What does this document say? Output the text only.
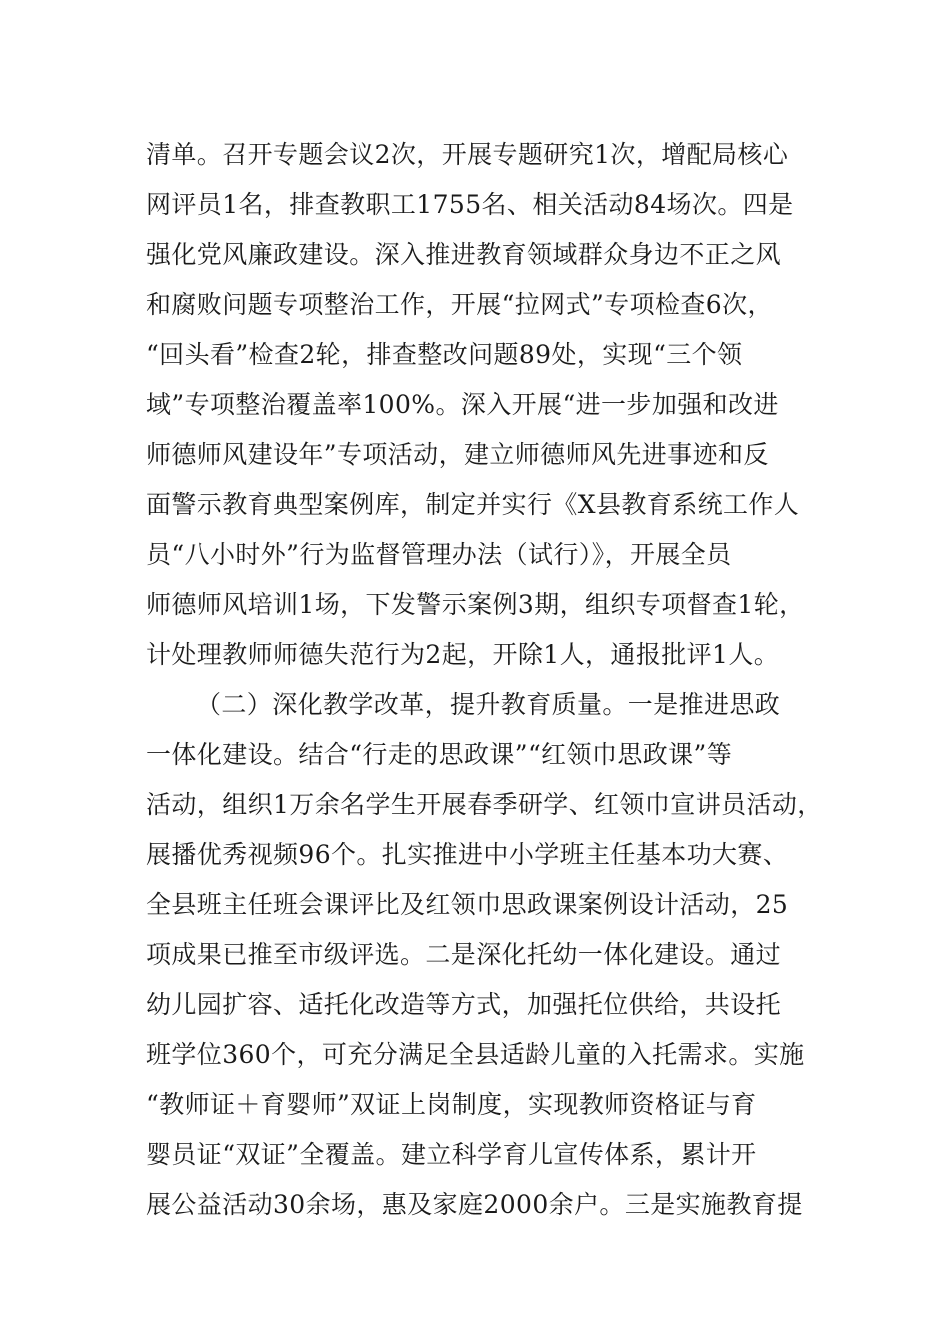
清单。召开专题会议2次，开展专题研究1次，增配局核心
网评员1名，排查教职工1755名、相关活动84场次。四是
强化党风廉政建设。深入推进教育领域群众身边不正之风
和腐败问题专项整治工作，开展“拉网式”专项检查6次，
“回头看”检查2轮，排查整改问题89处，实现“三个领
域”专项整治覆盖率100%。深入开展“进一步加强和改进
师德师风建设年”专项活动，建立师德师风先进事迹和反
面警示教育典型案例库，制定并实行《X县教育系统工作人
员“八小时外”行为监督管理办法（试行）》，开展全员
师德师风培训1场，下发警示案例3期，组织专项督查1轮，
计处理教师师德失范行为2起，开除1人，通报批评1人。
（二）深化教学改革，提升教育质量。一是推进思政
一体化建设。结合“行走的思政课”“红领巾思政课”等
活动，组织1万余名学生开展春季研学、红领巾宣讲员活动，
展播优秀视频96个。扎实推进中小学班主任基本功大赛、
全县班主任班会课评比及红领巾思政课案例设计活动，25
项成果已推至市级评选。二是深化托幼一体化建设。通过
幼儿园扩容、适托化改造等方式，加强托位供给，共设托
班学位360个，可充分满足全县适龄儿童的入托需求。实施
“教师证＋育婴师”双证上岗制度，实现教师资格证与育
婴员证“双证”全覆盖。建立科学育儿宣传体系，累计开
展公益活动30余场，惠及家庭2000余户。三是实施教育提
